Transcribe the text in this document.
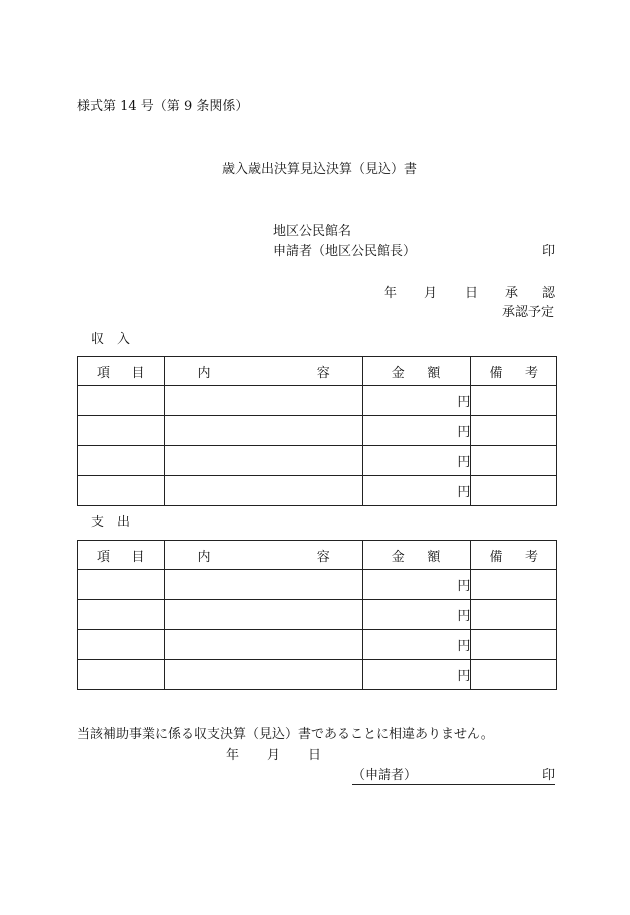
様式第 14 号（第 9 条関係）
歳入歳出決算見込決算（見込）書
地区公民館名
申請者（地区公民館長）	印
年 月 日 承 認
承認予定
収 入
項 目	内 容	金 額	備 考

		円	
		円	
		円	
		円	
支 出
項 目	内 容	金 額	備 考

		円	
		円	
		円	
		円	
当該補助事業に係る収支決算（見込）書であることに相違ありません。
年 月 日
（申請者）	印
